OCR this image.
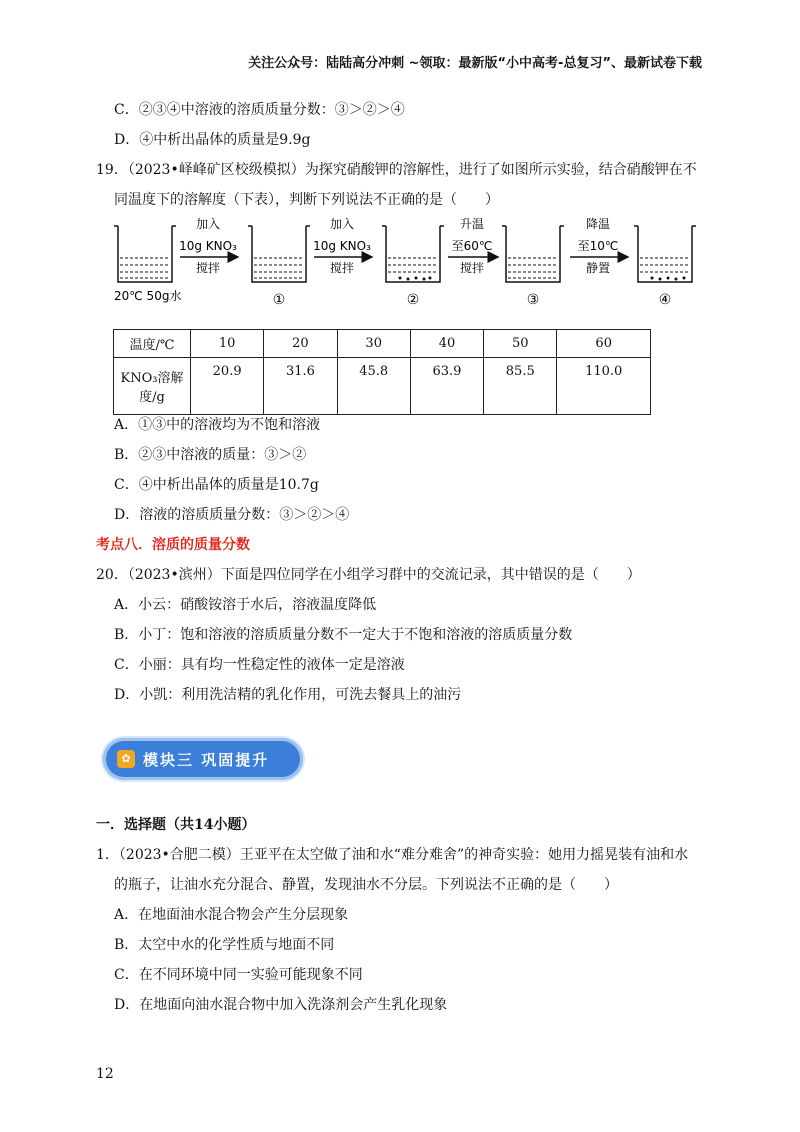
关注公众号：陆陆高分冲刺 ~领取：最新版“小中高考-总复习”、最新试卷下载
C．②③④中溶液的溶质质量分数：③＞②＞④
D．④中析出晶体的质量是9.9g
19．（2023•峄峰矿区校级模拟）为探究硝酸钾的溶解性，进行了如图所示实验，结合硝酸钾在不
同温度下的溶解度（下表），判断下列说法不正确的是（　　）
20℃ 50g水
加入
10g KNO₃
搅拌
①
加入
10g KNO₃
搅拌
②
升温
至60℃
搅拌
③
降温
至10℃
静置
④
温度/℃	10	20	30	40	50	60

KNO₃溶解
度/g	20.9	31.6	45.8	63.9	85.5	110.0
A．①③中的溶液均为不饱和溶液
B．②③中溶液的质量：③＞②
C．④中析出晶体的质量是10.7g
D．溶液的溶质质量分数：③＞②＞④
考点八．溶质的质量分数
20．（2023•滨州）下面是四位同学在小组学习群中的交流记录，其中错误的是（　　）
A．小云：硝酸铵溶于水后，溶液温度降低
B．小丁：饱和溶液的溶质质量分数不一定大于不饱和溶液的溶质质量分数
C．小丽：具有均一性稳定性的液体一定是溶液
D．小凯：利用洗洁精的乳化作用，可洗去餐具上的油污
✿ 模块三 巩固提升
一．选择题（共14小题）
1．（2023•合肥二模）王亚平在太空做了油和水“难分难舍”的神奇实验：她用力摇晃装有油和水
的瓶子，让油水充分混合、静置，发现油水不分层。下列说法不正确的是（　　）
A．在地面油水混合物会产生分层现象
B．太空中水的化学性质与地面不同
C．在不同环境中同一实验可能现象不同
D．在地面向油水混合物中加入洗涤剂会产生乳化现象
12
